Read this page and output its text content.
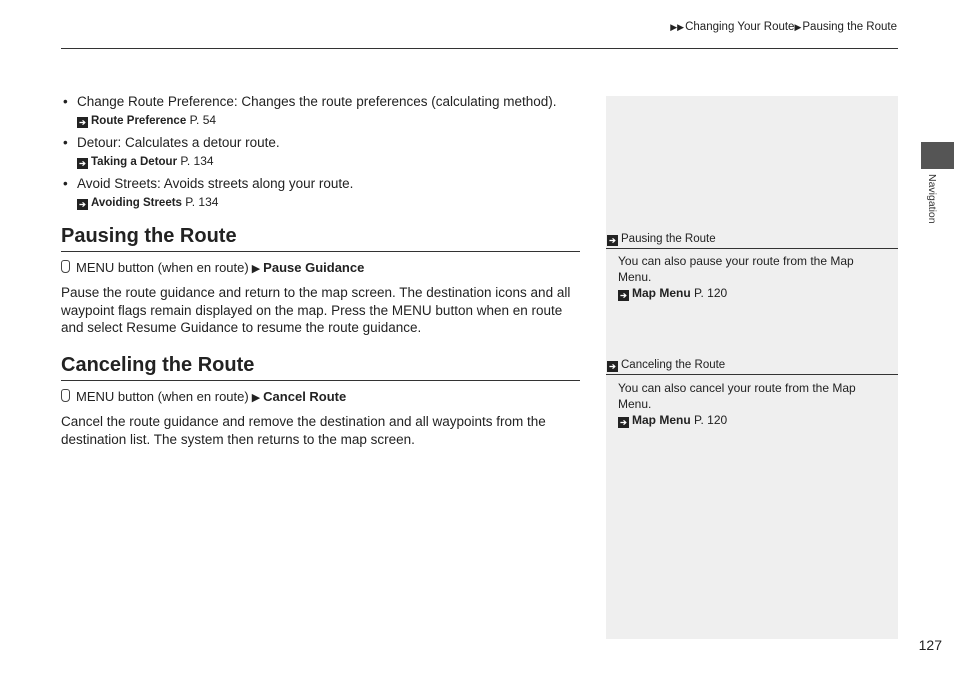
▶▶Changing Your Route▶Pausing the Route
• Change Route Preference: Changes the route preferences (calculating method).
➔ Route Preference P. 54
• Detour: Calculates a detour route.
➔ Taking a Detour P. 134
• Avoid Streets: Avoids streets along your route.
➔ Avoiding Streets P. 134
Pausing the Route
MENU button (when en route) ▶ Pause Guidance
Pause the route guidance and return to the map screen. The destination icons and all waypoint flags remain displayed on the map. Press the MENU button when en route and select Resume Guidance to resume the route guidance.
Canceling the Route
MENU button (when en route) ▶ Cancel Route
Cancel the route guidance and remove the destination and all waypoints from the destination list. The system then returns to the map screen.
➔ Pausing the Route
You can also pause your route from the Map Menu.
➔ Map Menu P. 120
➔ Canceling the Route
You can also cancel your route from the Map Menu.
➔ Map Menu P. 120
Navigation
127
